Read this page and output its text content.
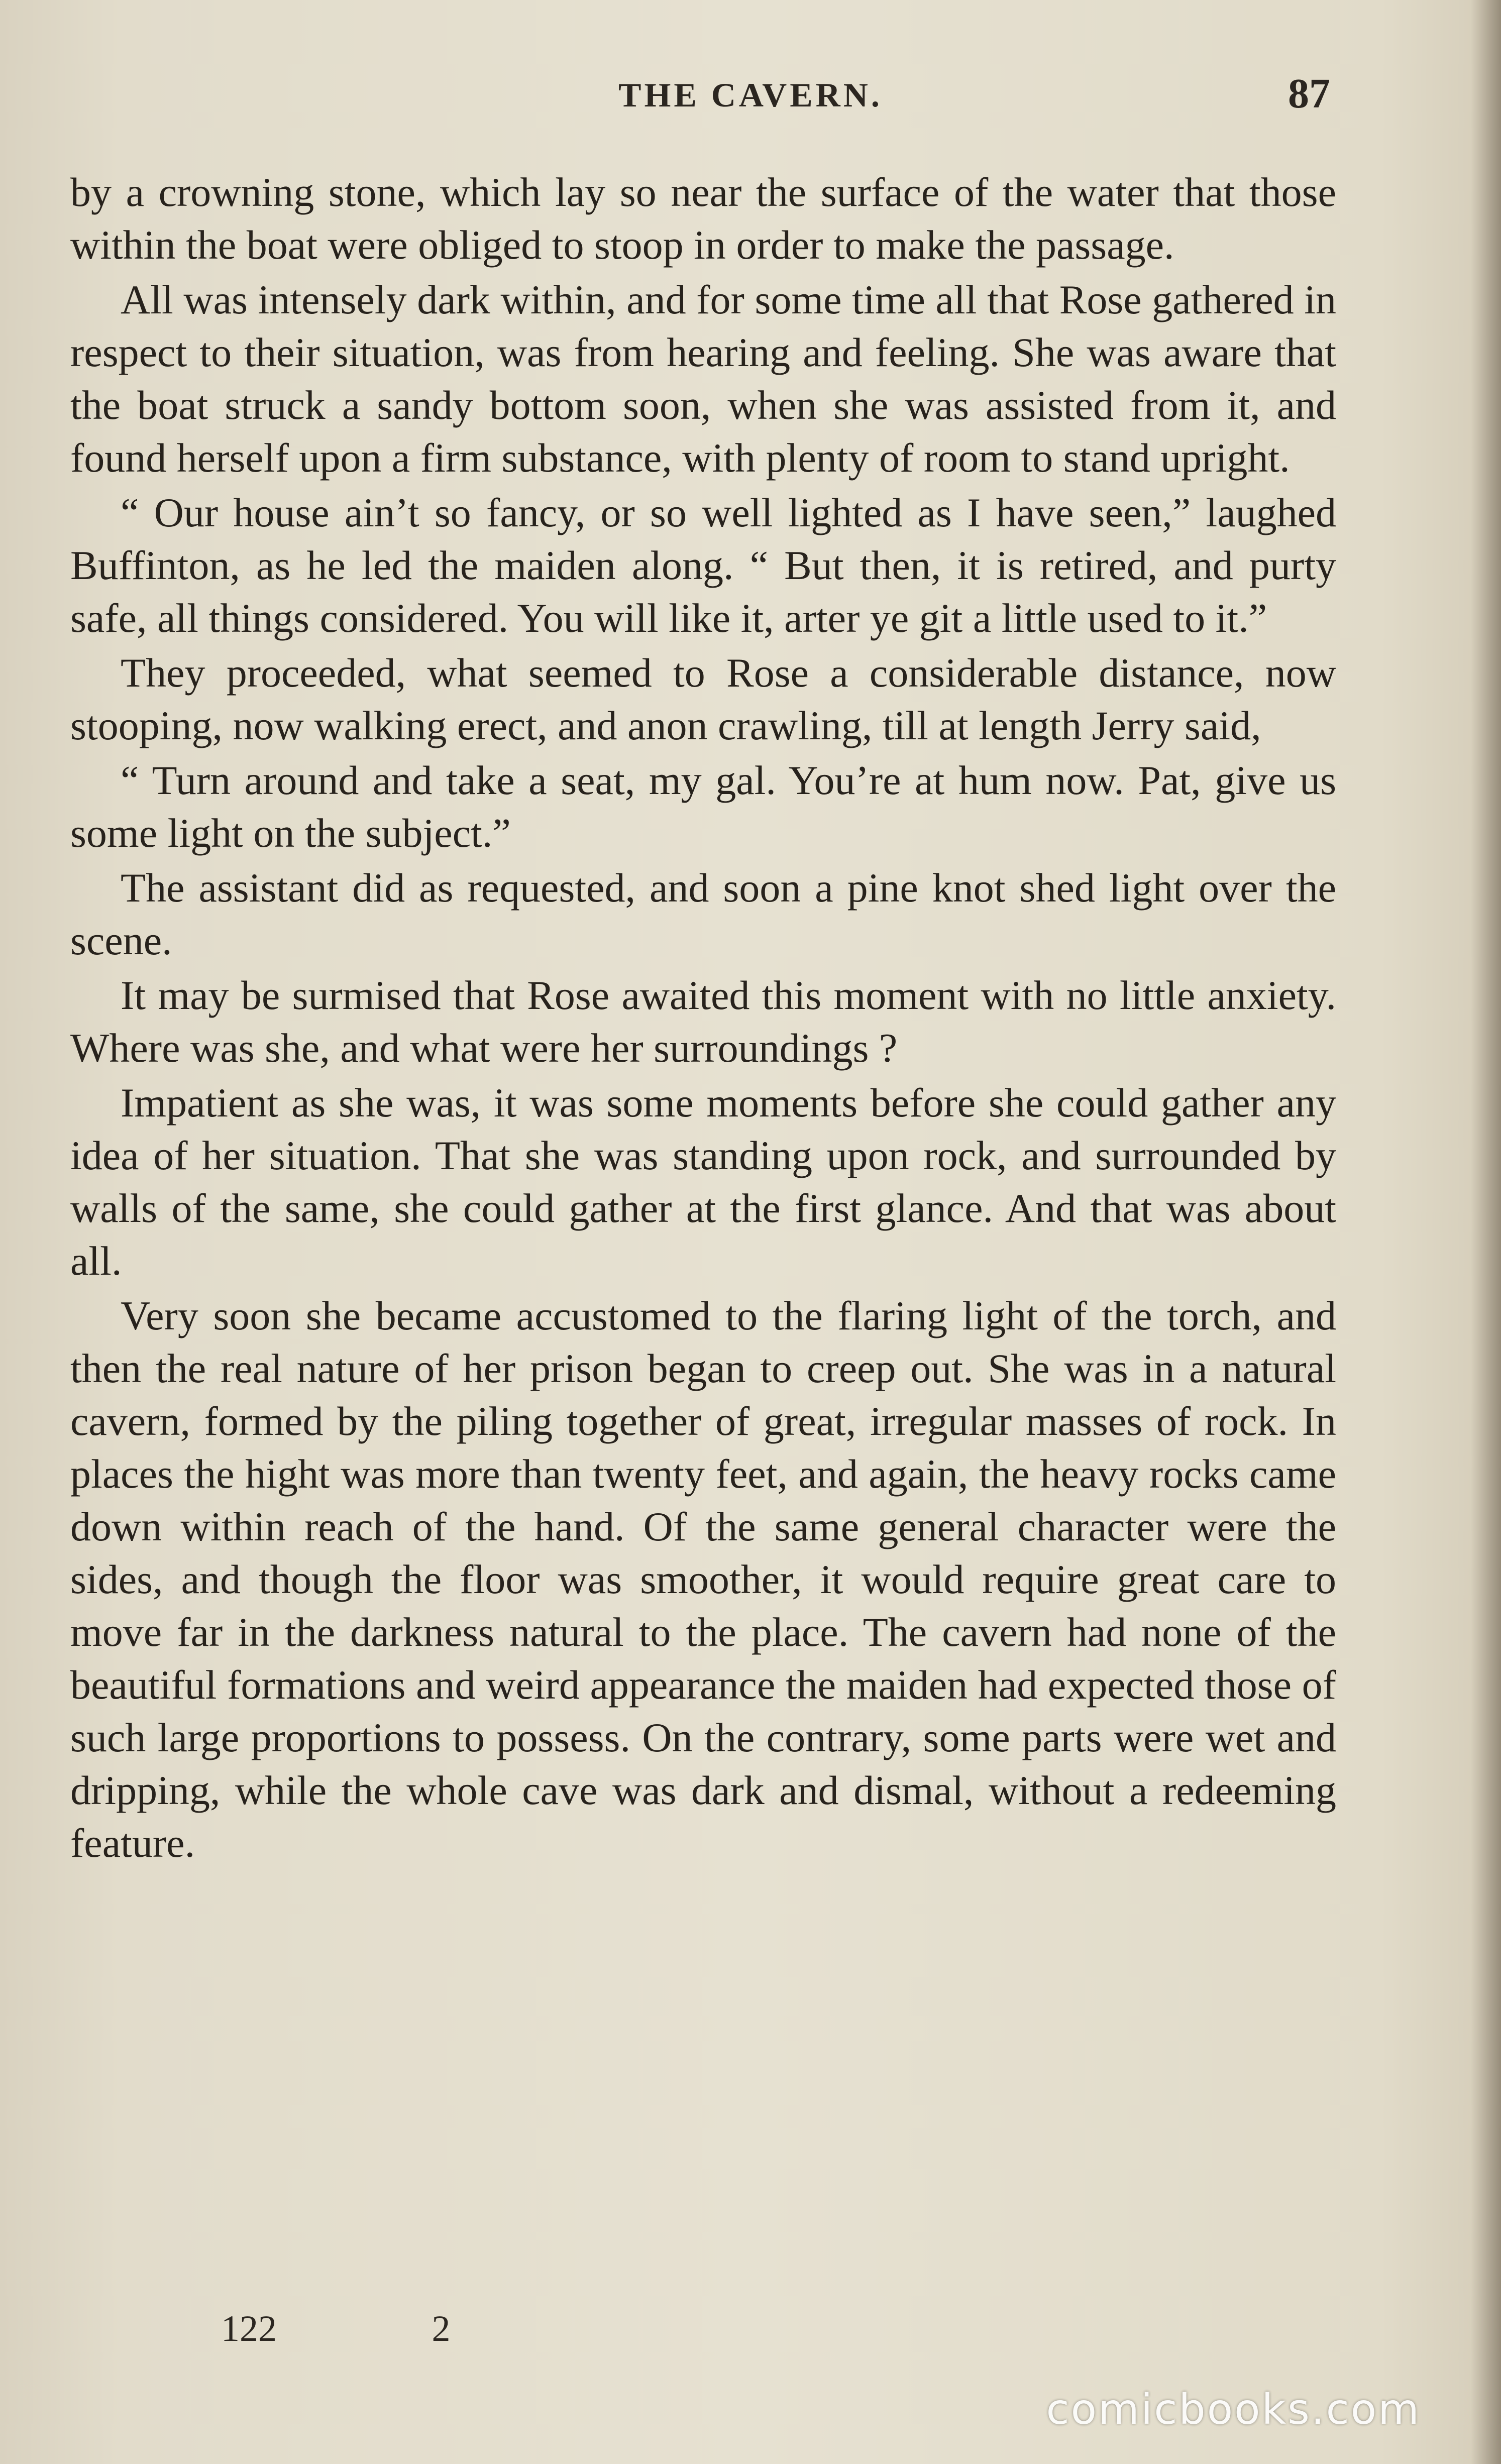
THE CAVERN.	87

by a crowning stone, which lay so near the surface of the water that those within the boat were obliged to stoop in order to make the passage.

All was intensely dark within, and for some time all that Rose gathered in respect to their situation, was from hearing and feeling. She was aware that the boat struck a sandy bottom soon, when she was assisted from it, and found herself upon a firm substance, with plenty of room to stand upright.

“ Our house ain’t so fancy, or so well lighted as I have seen,” laughed Buffinton, as he led the maiden along. “ But then, it is retired, and purty safe, all things considered. You will like it, arter ye git a little used to it.”

They proceeded, what seemed to Rose a considerable distance, now stooping, now walking erect, and anon crawling, till at length Jerry said,

“ Turn around and take a seat, my gal. You’re at hum now. Pat, give us some light on the subject.”

The assistant did as requested, and soon a pine knot shed light over the scene.

It may be surmised that Rose awaited this moment with no little anxiety. Where was she, and what were her surroundings ?

Impatient as she was, it was some moments before she could gather any idea of her situation. That she was standing upon rock, and surrounded by walls of the same, she could gather at the first glance. And that was about all.

Very soon she became accustomed to the flaring light of the torch, and then the real nature of her prison began to creep out. She was in a natural cavern, formed by the piling together of great, irregular masses of rock. In places the hight was more than twenty feet, and again, the heavy rocks came down within reach of the hand. Of the same general character were the sides, and though the floor was smoother, it would require great care to move far in the darkness natural to the place. The cavern had none of the beautiful formations and weird appearance the maiden had expected those of such large proportions to possess. On the contrary, some parts were wet and dripping, while the whole cave was dark and dismal, without a redeeming feature.

122	2
comicbooks.com
